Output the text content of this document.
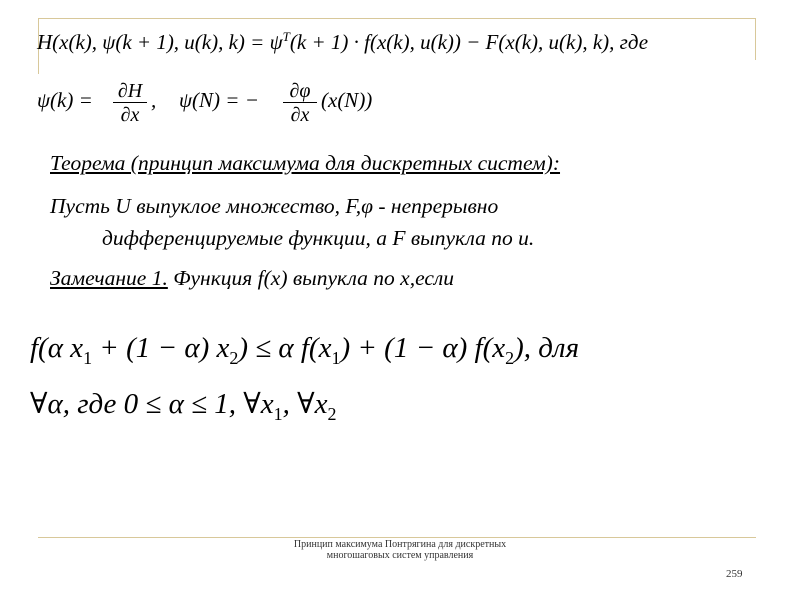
H(x(k), ψ(k + 1), u(k), $k) = \psi^T(k + 1) \cdot f(x(k)$, u(k)) − F(x(k), u(k), k), где
ψ(k) = ∂H
∂x
, ψ(N) = −	∂φ
∂x
(x(N))
Теорема (принцип максимума для дискретных систем):
Пусть U выпуклое множество, F,φ - непрерывно
дифференцируемые функции, а F выпукла по u.
Замечание 1. Функция f(x) выпукла по x,если
f(α $x_1 + (1 - \alpha) x_2) \le \alpha$ $f(x_1) + (1 - \alpha)$ $f(x_2)$, для
∀α, где 0 ≤ α ≤ 1, $\forall x_1$, $\forall x_2$
Принцип максимума Понтрягина для дискретных многошаговых систем управления
259
